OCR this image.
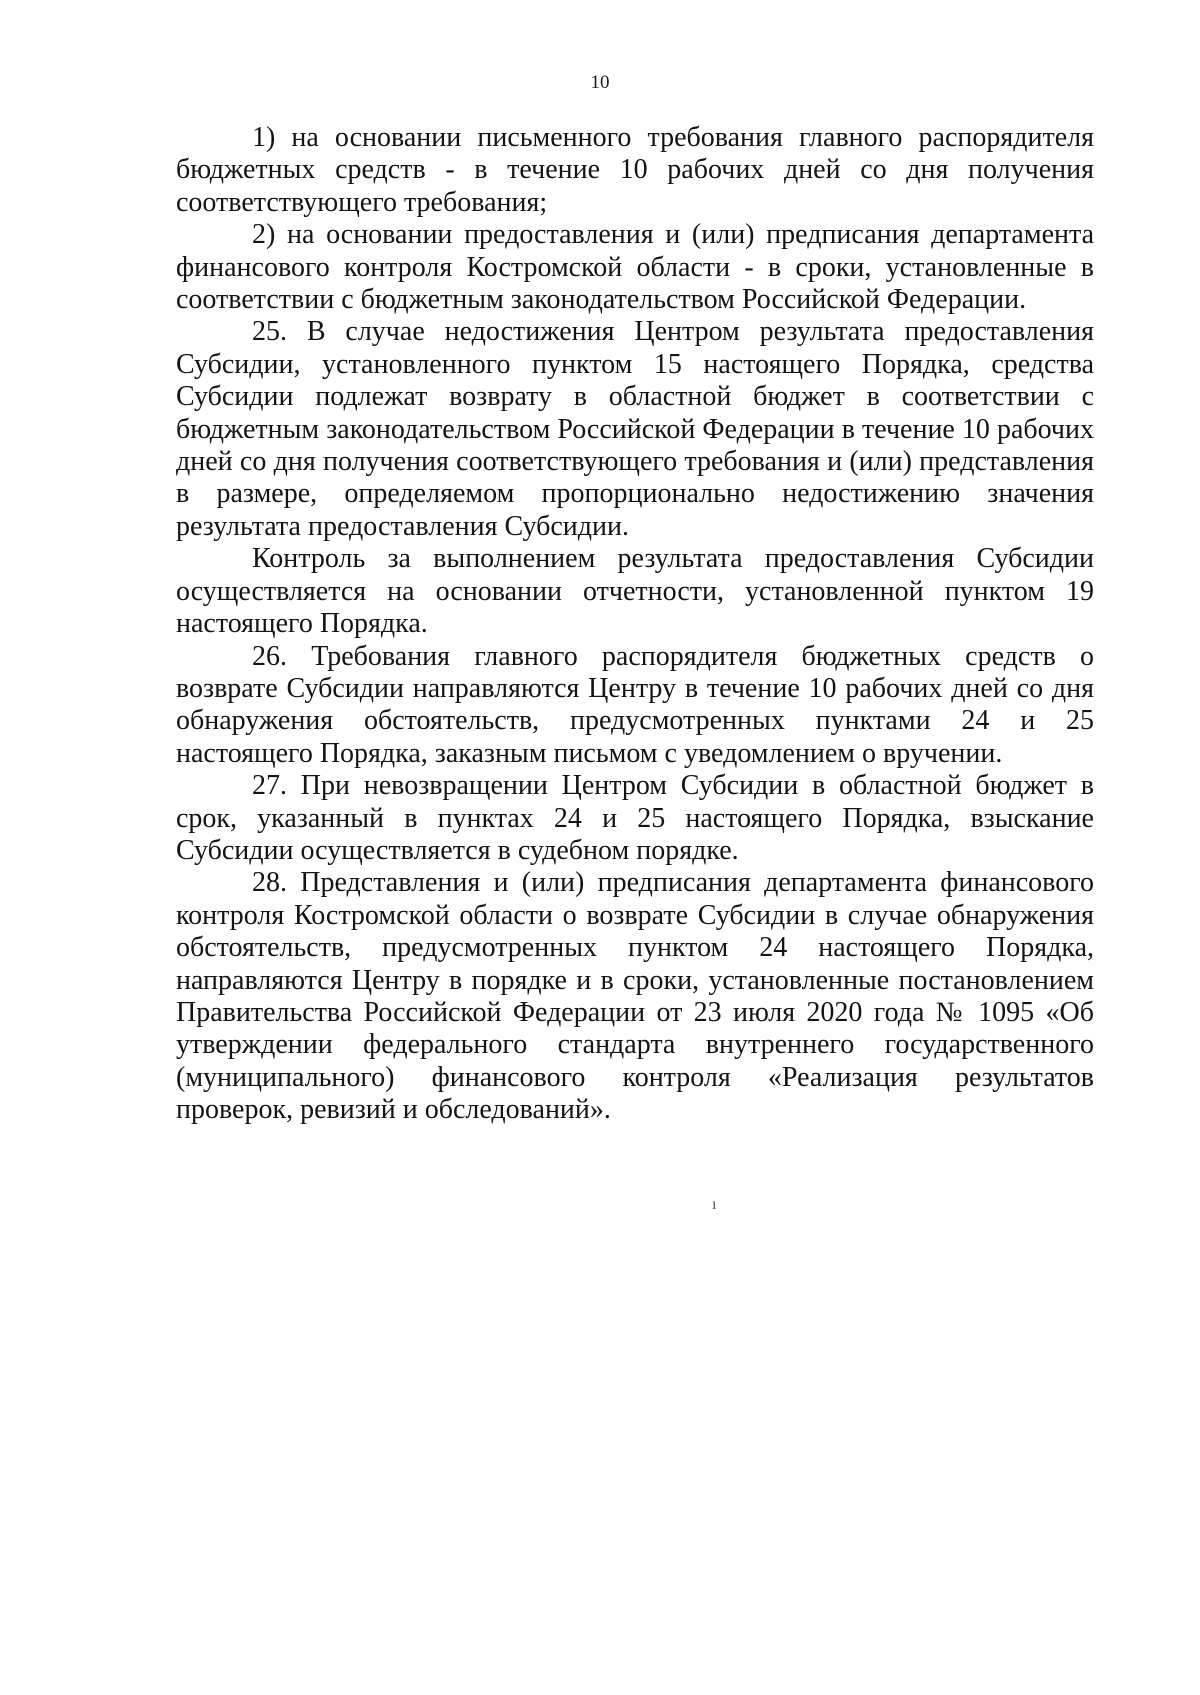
10

1) на основании письменного требования главного распорядителя бюджетных средств - в течение 10 рабочих дней со дня получения соответствующего требования;

2) на основании предоставления и (или) предписания департамента финансового контроля Костромской области - в сроки, установленные в соответствии с бюджетным законодательством Российской Федерации.

25. В случае недостижения Центром результата предоставления Субсидии, установленного пунктом 15 настоящего Порядка, средства Субсидии подлежат возврату в областной бюджет в соответствии с бюджетным законодательством Российской Федерации в течение 10 рабочих дней со дня получения соответствующего требования и (или) представления в размере, определяемом пропорционально недостижению значения результата предоставления Субсидии.

Контроль за выполнением результата предоставления Субсидии осуществляется на основании отчетности, установленной пунктом 19 настоящего Порядка.

26. Требования главного распорядителя бюджетных средств о возврате Субсидии направляются Центру в течение 10 рабочих дней со дня обнаружения обстоятельств, предусмотренных пунктами 24 и 25 настоящего Порядка, заказным письмом с уведомлением о вручении.

27. При невозвращении Центром Субсидии в областной бюджет в срок, указанный в пунктах 24 и 25 настоящего Порядка, взыскание Субсидии осуществляется в судебном порядке.

28. Представления и (или) предписания департамента финансового контроля Костромской области о возврате Субсидии в случае обнаружения обстоятельств, предусмотренных пунктом 24 настоящего Порядка, направляются Центру в порядке и в сроки, установленные постановлением Правительства Российской Федерации от 23 июля 2020 года № 1095 «Об утверждении федерального стандарта внутреннего государственного (муниципального) финансового контроля «Реализация результатов проверок, ревизий и обследований».

ı
